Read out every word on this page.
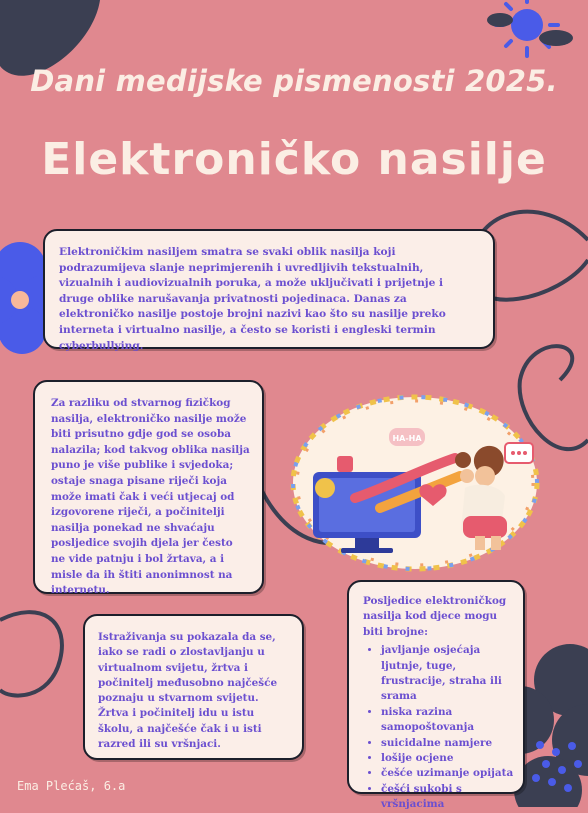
Dani medijske pismenosti 2025.
Elektroničko nasilje

Elektroničkim nasiljem smatra se svaki oblik nasilja koji podrazumijeva slanje neprimjerenih i uvredljivih tekstualnih, vizualnih i audiovizualnih poruka, a može uključivati i prijetnje i druge oblike narušavanja privatnosti pojedinaca. Danas za elektroničko nasilje postoje brojni nazivi kao što su nasilje preko interneta i virtualno nasilje, a često se koristi i engleski termin cyberbullying.

Za razliku od stvarnog fizičkog nasilja, elektroničko nasilje može biti prisutno gdje god se osoba nalazila; kod takvog oblika nasilja puno je više publike i svjedoka; ostaje snaga pisane riječi koja može imati čak i veći utjecaj od izgovorene riječi, a počinitelji nasilja ponekad ne shvaćaju posljedice svojih djela jer često ne vide patnju i bol žrtava, a i misle da ih štiti anonimnost na internetu.

HA-HA

Istraživanja su pokazala da se, iako se radi o zlostavljanju u virtualnom svijetu, žrtva i počinitelj međusobno najčešće poznaju u stvarnom svijetu. Žrtva i počinitelj idu u istu školu, a najčešće čak i u isti razred ili su vršnjaci.

Posljedice elektroničkog nasilja kod djece mogu biti brojne:

• javljanje osjećaja ljutnje, tuge, frustracije, straha ili srama
• niska razina samopoštovanja
• suicidalne namjere
• lošije ocjene
• češće uzimanje opijata
• češći sukobi s vršnjacima
Ema Plećaš, 6.a
